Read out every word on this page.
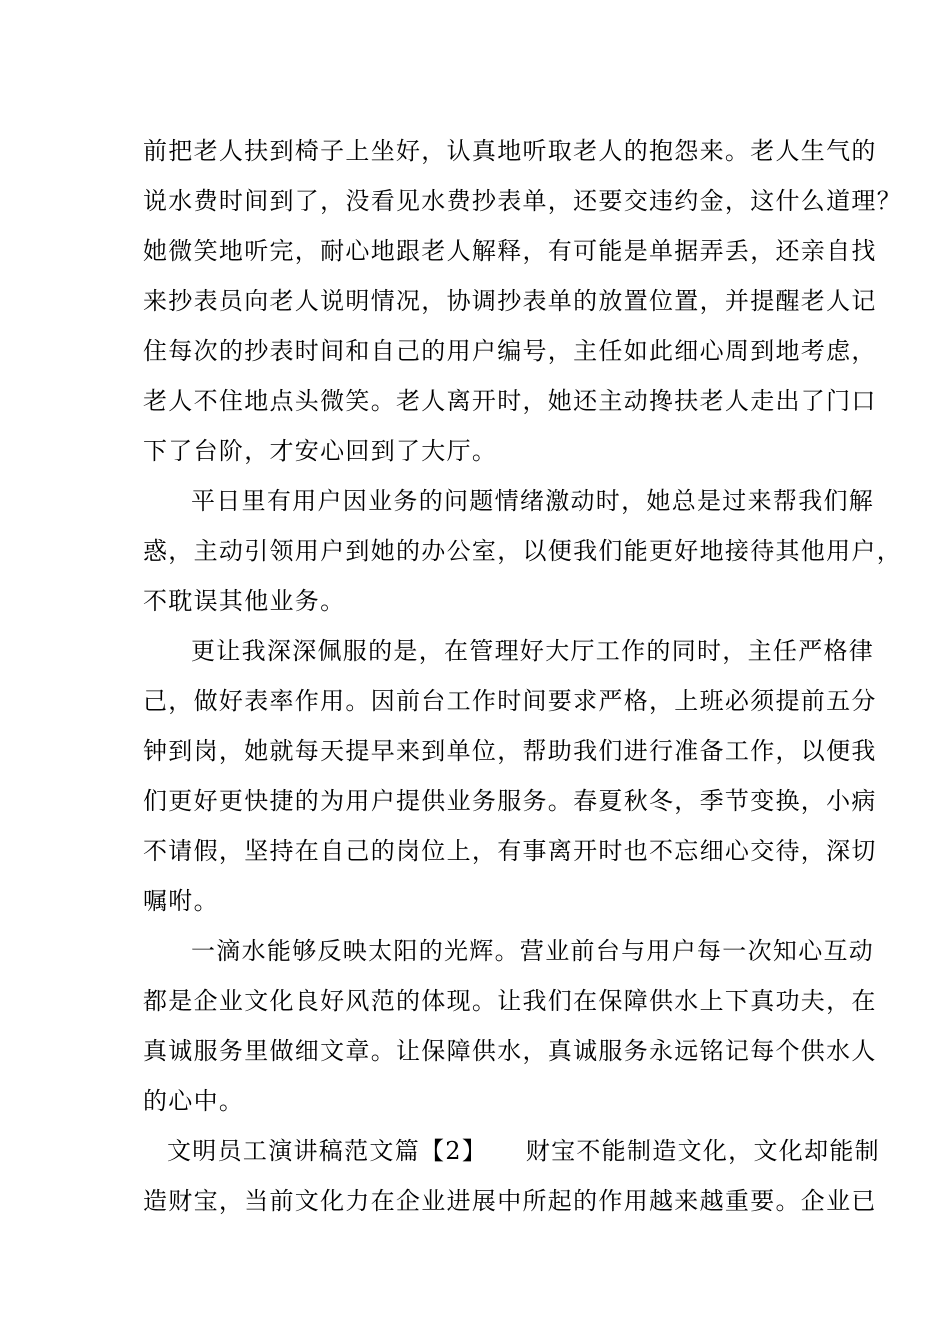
前把老人扶到椅子上坐好，认真地听取老人的抱怨来。老人生气的
说水费时间到了，没看见水费抄表单，还要交违约金，这什么道理？
她微笑地听完，耐心地跟老人解释，有可能是单据弄丢，还亲自找
来抄表员向老人说明情况，协调抄表单的放置位置，并提醒老人记
住每次的抄表时间和自己的用户编号，主任如此细心周到地考虑，
老人不住地点头微笑。老人离开时，她还主动搀扶老人走出了门口
下了台阶，才安心回到了大厅。
平日里有用户因业务的问题情绪激动时，她总是过来帮我们解
惑，主动引领用户到她的办公室，以便我们能更好地接待其他用户，
不耽误其他业务。
更让我深深佩服的是，在管理好大厅工作的同时，主任严格律
己，做好表率作用。因前台工作时间要求严格，上班必须提前五分
钟到岗，她就每天提早来到单位，帮助我们进行准备工作，以便我
们更好更快捷的为用户提供业务服务。春夏秋冬，季节变换，小病
不请假，坚持在自己的岗位上，有事离开时也不忘细心交待，深切
嘱咐。
一滴水能够反映太阳的光辉。营业前台与用户每一次知心互动
都是企业文化良好风范的体现。让我们在保障供水上下真功夫，在
真诚服务里做细文章。让保障供水，真诚服务永远铭记每个供水人
的心中。
文明员工演讲稿范文篇【2】　　财宝不能制造文化，文化却能制
造财宝，当前文化力在企业进展中所起的作用越来越重要。企业已
